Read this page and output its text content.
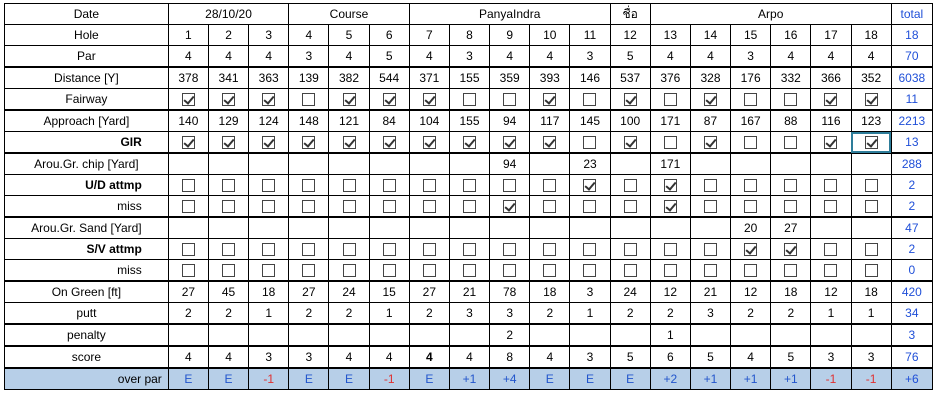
Date	28/10/20			Course			PanyaIndra					ชื่อ	Arpo						total
Hole	1	2	3	4	5	6	7	8	9	10	11	12	13	14	15	16	17	18	18
Par	4	4	4	3	4	5	4	3	4	4	3	5	4	4	3	4	4	4	70
Distance [Y]	378	341	363	139	382	544	371	155	359	393	146	537	376	328	176	332	366	352	6038
Fairway																			11
Approach [Yard]	140	129	124	148	121	84	104	155	94	117	145	100	171	87	167	88	116	123	2213
GIR																			13
Arou.Gr. chip [Yard]									94		23		171						288
U/D attmp																			2
miss																			2
Arou.Gr. Sand [Yard]															20	27			47
S/V attmp																			2
miss																			0
On Green [ft]	27	45	18	27	24	15	27	21	78	18	3	24	12	21	12	18	12	18	420
putt	2	2	1	2	2	1	2	3	3	2	1	2	2	3	2	2	1	1	34
penalty									2				1						3
score	4	4	3	3	4	4	4	4	8	4	3	5	6	5	4	5	3	3	76
over par	E	E	-1	E	E	-1	E	+1	+4	E	E	E	+2	+1	+1	+1	-1	-1	+6
